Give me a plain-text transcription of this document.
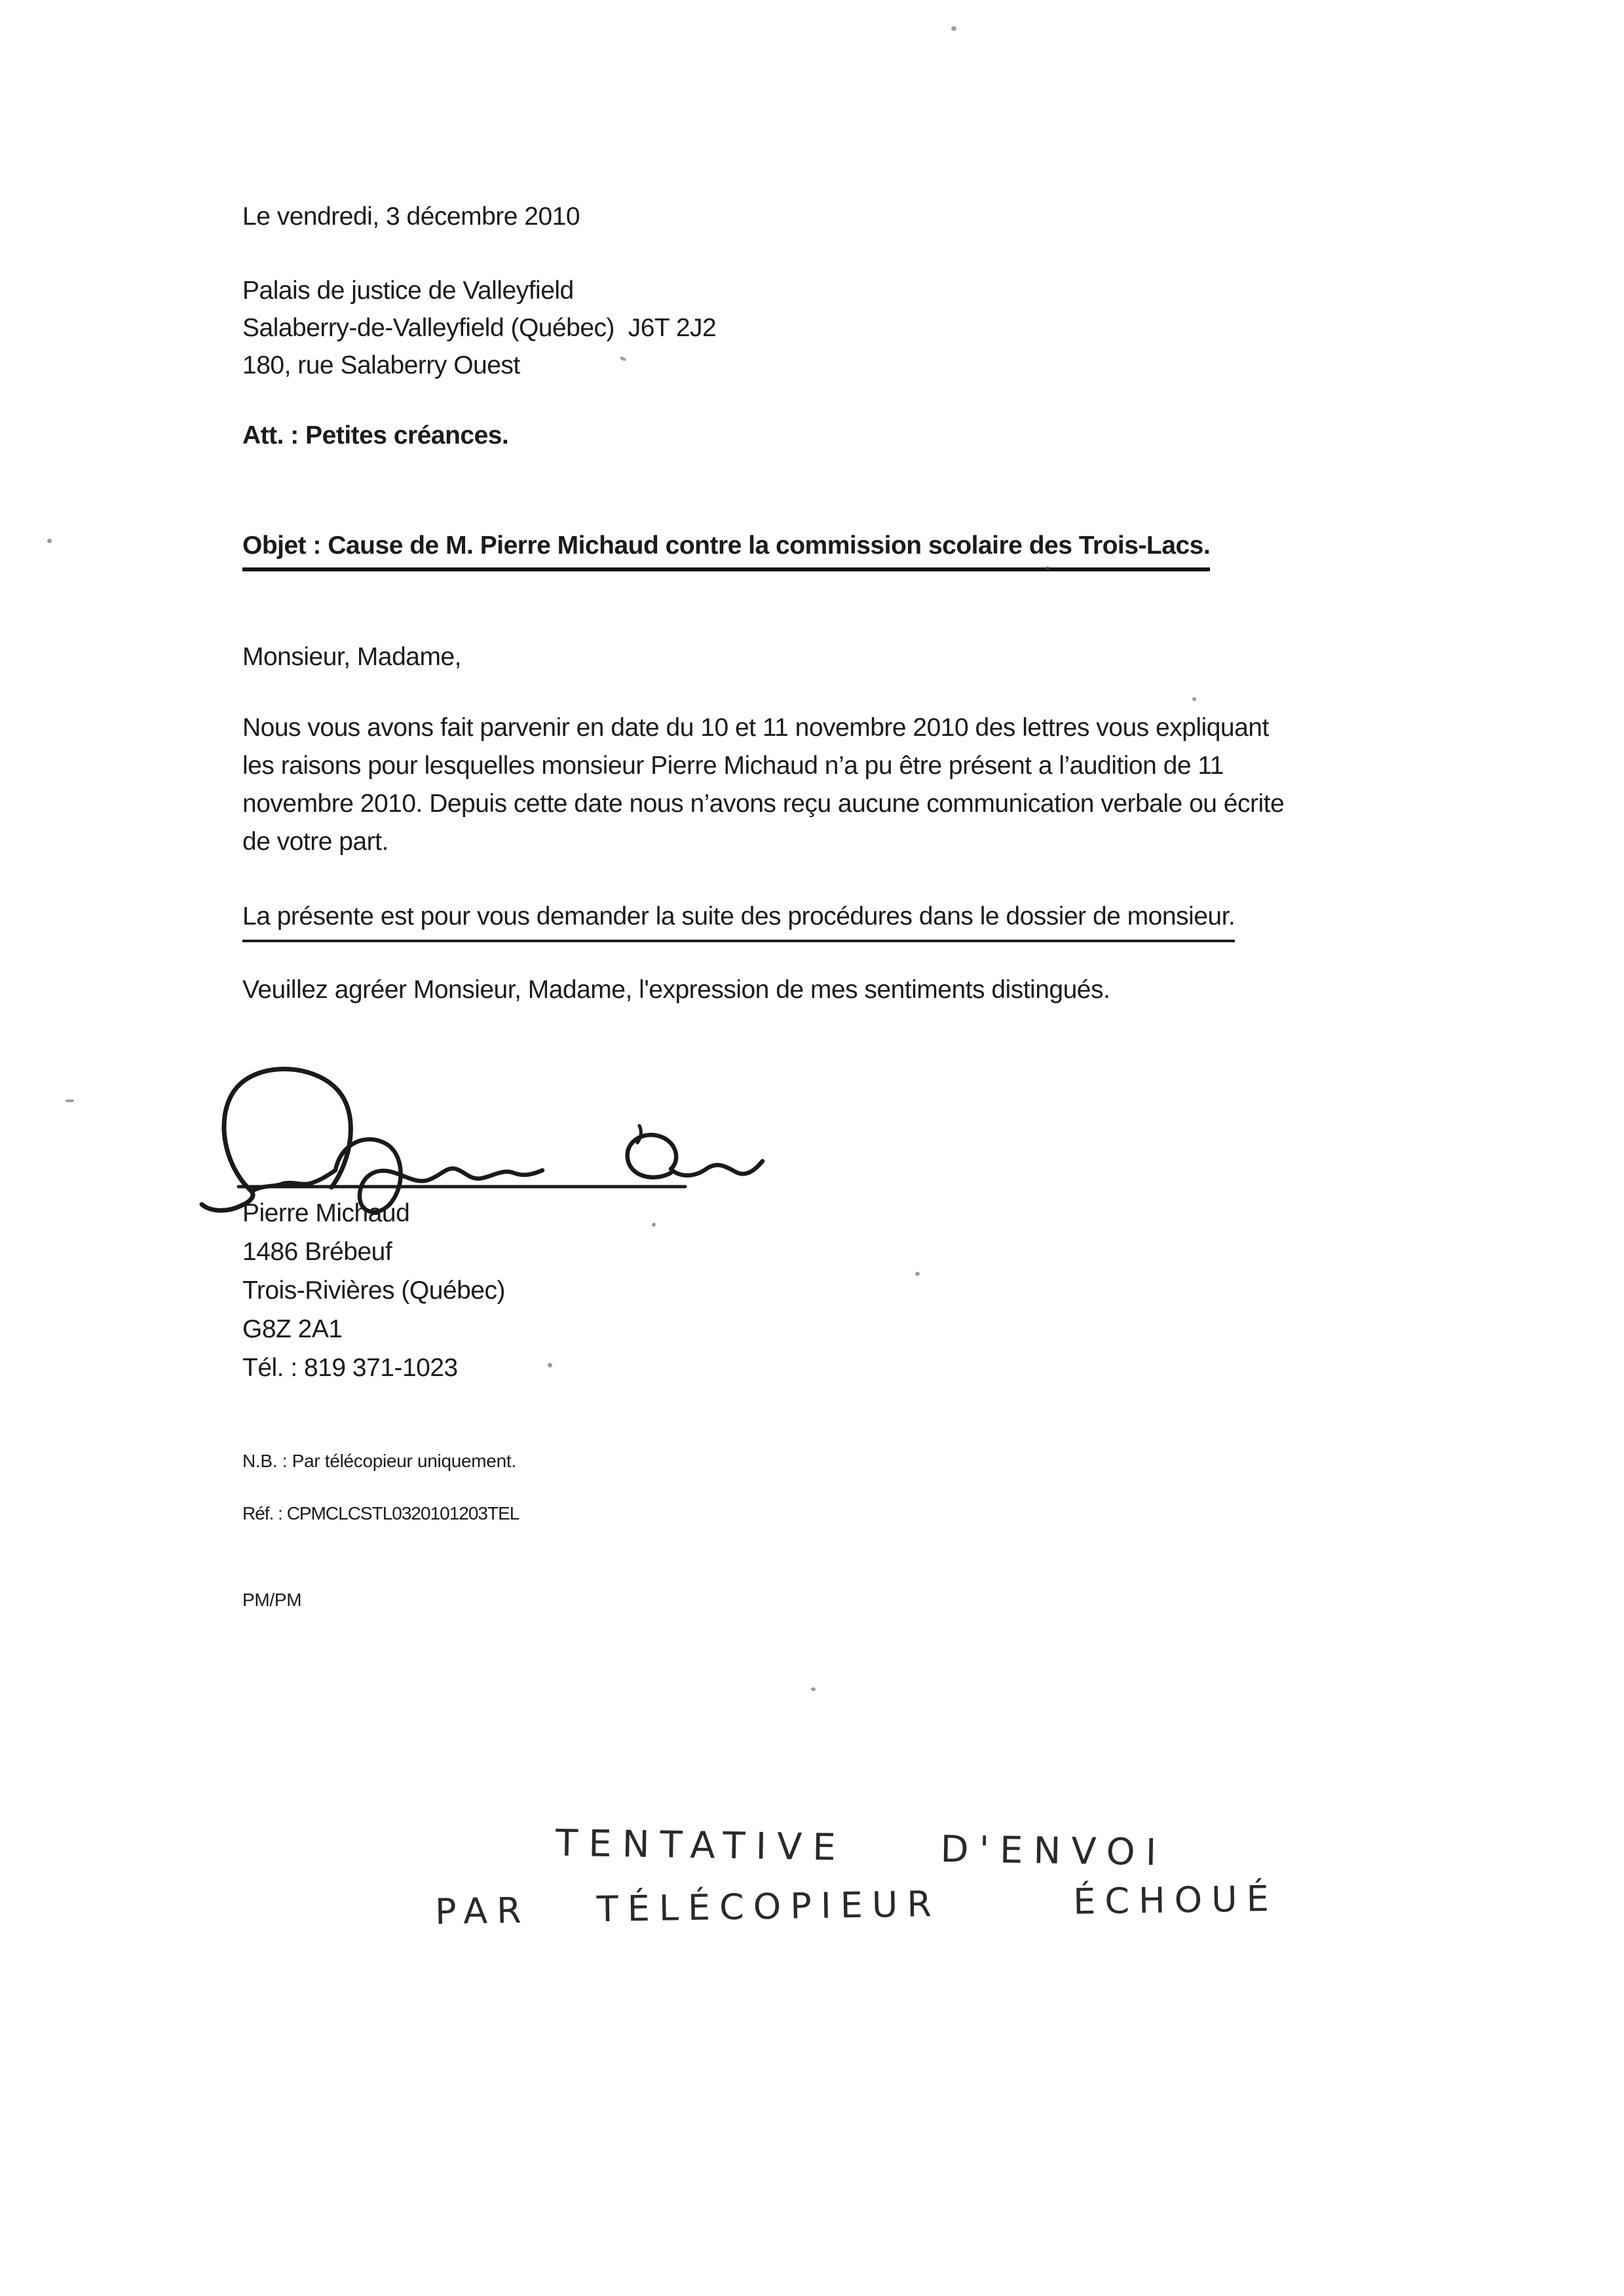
Le vendredi, 3 décembre 2010
Palais de justice de Valleyfield
Salaberry-de-Valleyfield (Québec)  J6T 2J2
180, rue Salaberry Ouest
Att. : Petites créances.
Objet : Cause de M. Pierre Michaud contre la commission scolaire des Trois-Lacs.
Monsieur, Madame,
Nous vous avons fait parvenir en date du 10 et 11 novembre 2010 des lettres vous expliquant
les raisons pour lesquelles monsieur Pierre Michaud n’a pu être présent a l’audition de 11
novembre 2010. Depuis cette date nous n’avons reçu aucune communication verbale ou écrite
de votre part.
La présente est pour vous demander la suite des procédures dans le dossier de monsieur.
Veuillez agréer Monsieur, Madame, l'expression de mes sentiments distingués.
Pierre Michaud
1486 Brébeuf
Trois-Rivières (Québec)
G8Z 2A1
Tél. : 819 371-1023
N.B. : Par télécopieur uniquement.
Réf. : CPMCLCSTL0320101203TEL
PM/PM
TENTATIVE D'ENVOI
PAR TÉLÉCOPIEUR  ÉCHOUÉ
